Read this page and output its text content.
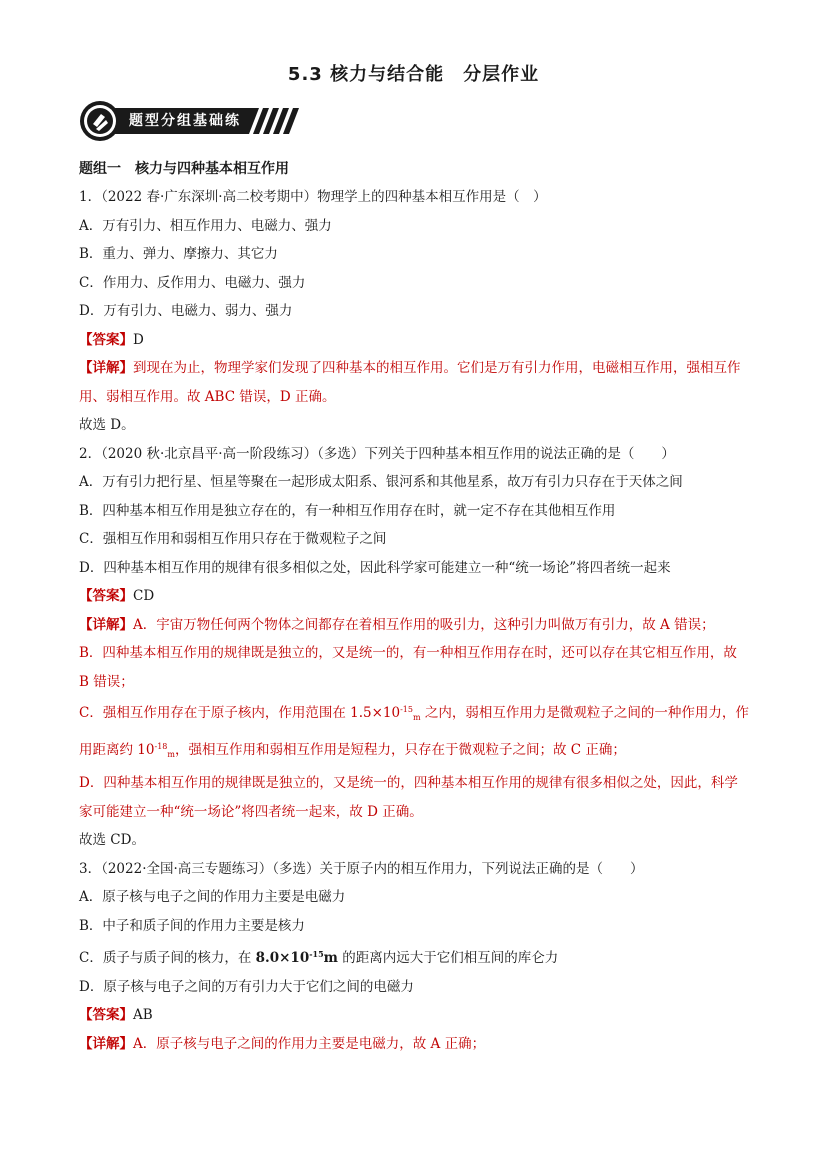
5.3 核力与结合能　分层作业
题型分组基础练
题组一　核力与四种基本相互作用
1．（2022 春·广东深圳·高二校考期中）物理学上的四种基本相互作用是（　）
A．万有引力、相互作用力、电磁力、强力
B．重力、弹力、摩擦力、其它力
C．作用力、反作用力、电磁力、强力
D．万有引力、电磁力、弱力、强力
【答案】D
【详解】到现在为止，物理学家们发现了四种基本的相互作用。它们是万有引力作用，电磁相互作用，强相互作用、弱相互作用。故 ABC 错误，D 正确。
故选 D。
2．（2020 秋·北京昌平·高一阶段练习）（多选）下列关于四种基本相互作用的说法正确的是（　　）
A．万有引力把行星、恒星等聚在一起形成太阳系、银河系和其他星系，故万有引力只存在于天体之间
B．四种基本相互作用是独立存在的，有一种相互作用存在时，就一定不存在其他相互作用
C．强相互作用和弱相互作用只存在于微观粒子之间
D．四种基本相互作用的规律有很多相似之处，因此科学家可能建立一种“统一场论”将四者统一起来
【答案】CD
【详解】A．宇宙万物任何两个物体之间都存在着相互作用的吸引力，这种引力叫做万有引力，故 A 错误；
B．四种基本相互作用的规律既是独立的，又是统一的，有一种相互作用存在时，还可以存在其它相互作用，故 B 错误；
C．强相互作用存在于原子核内，作用范围在 $1.5\times 10^{-15}_m$ 之内，弱相互作用力是微观粒子之间的一种作用力，作用距离约 $10^{-18}_m$，强相互作用和弱相互作用是短程力，只存在于微观粒子之间；故 C 正确；
D．四种基本相互作用的规律既是独立的，又是统一的，四种基本相互作用的规律有很多相似之处，因此，科学家可能建立一种“统一场论”将四者统一起来，故 D 正确。
故选 CD。
3．（2022·全国·高三专题练习）（多选）关于原子内的相互作用力，下列说法正确的是（　　）
A．原子核与电子之间的作用力主要是电磁力
B．中子和质子间的作用力主要是核力
C．质子与质子间的核力，在 $8.0\times 10^{-15}m$ 的距离内远大于它们相互间的库仑力
D．原子核与电子之间的万有引力大于它们之间的电磁力
【答案】AB
【详解】A．原子核与电子之间的作用力主要是电磁力，故 A 正确；
